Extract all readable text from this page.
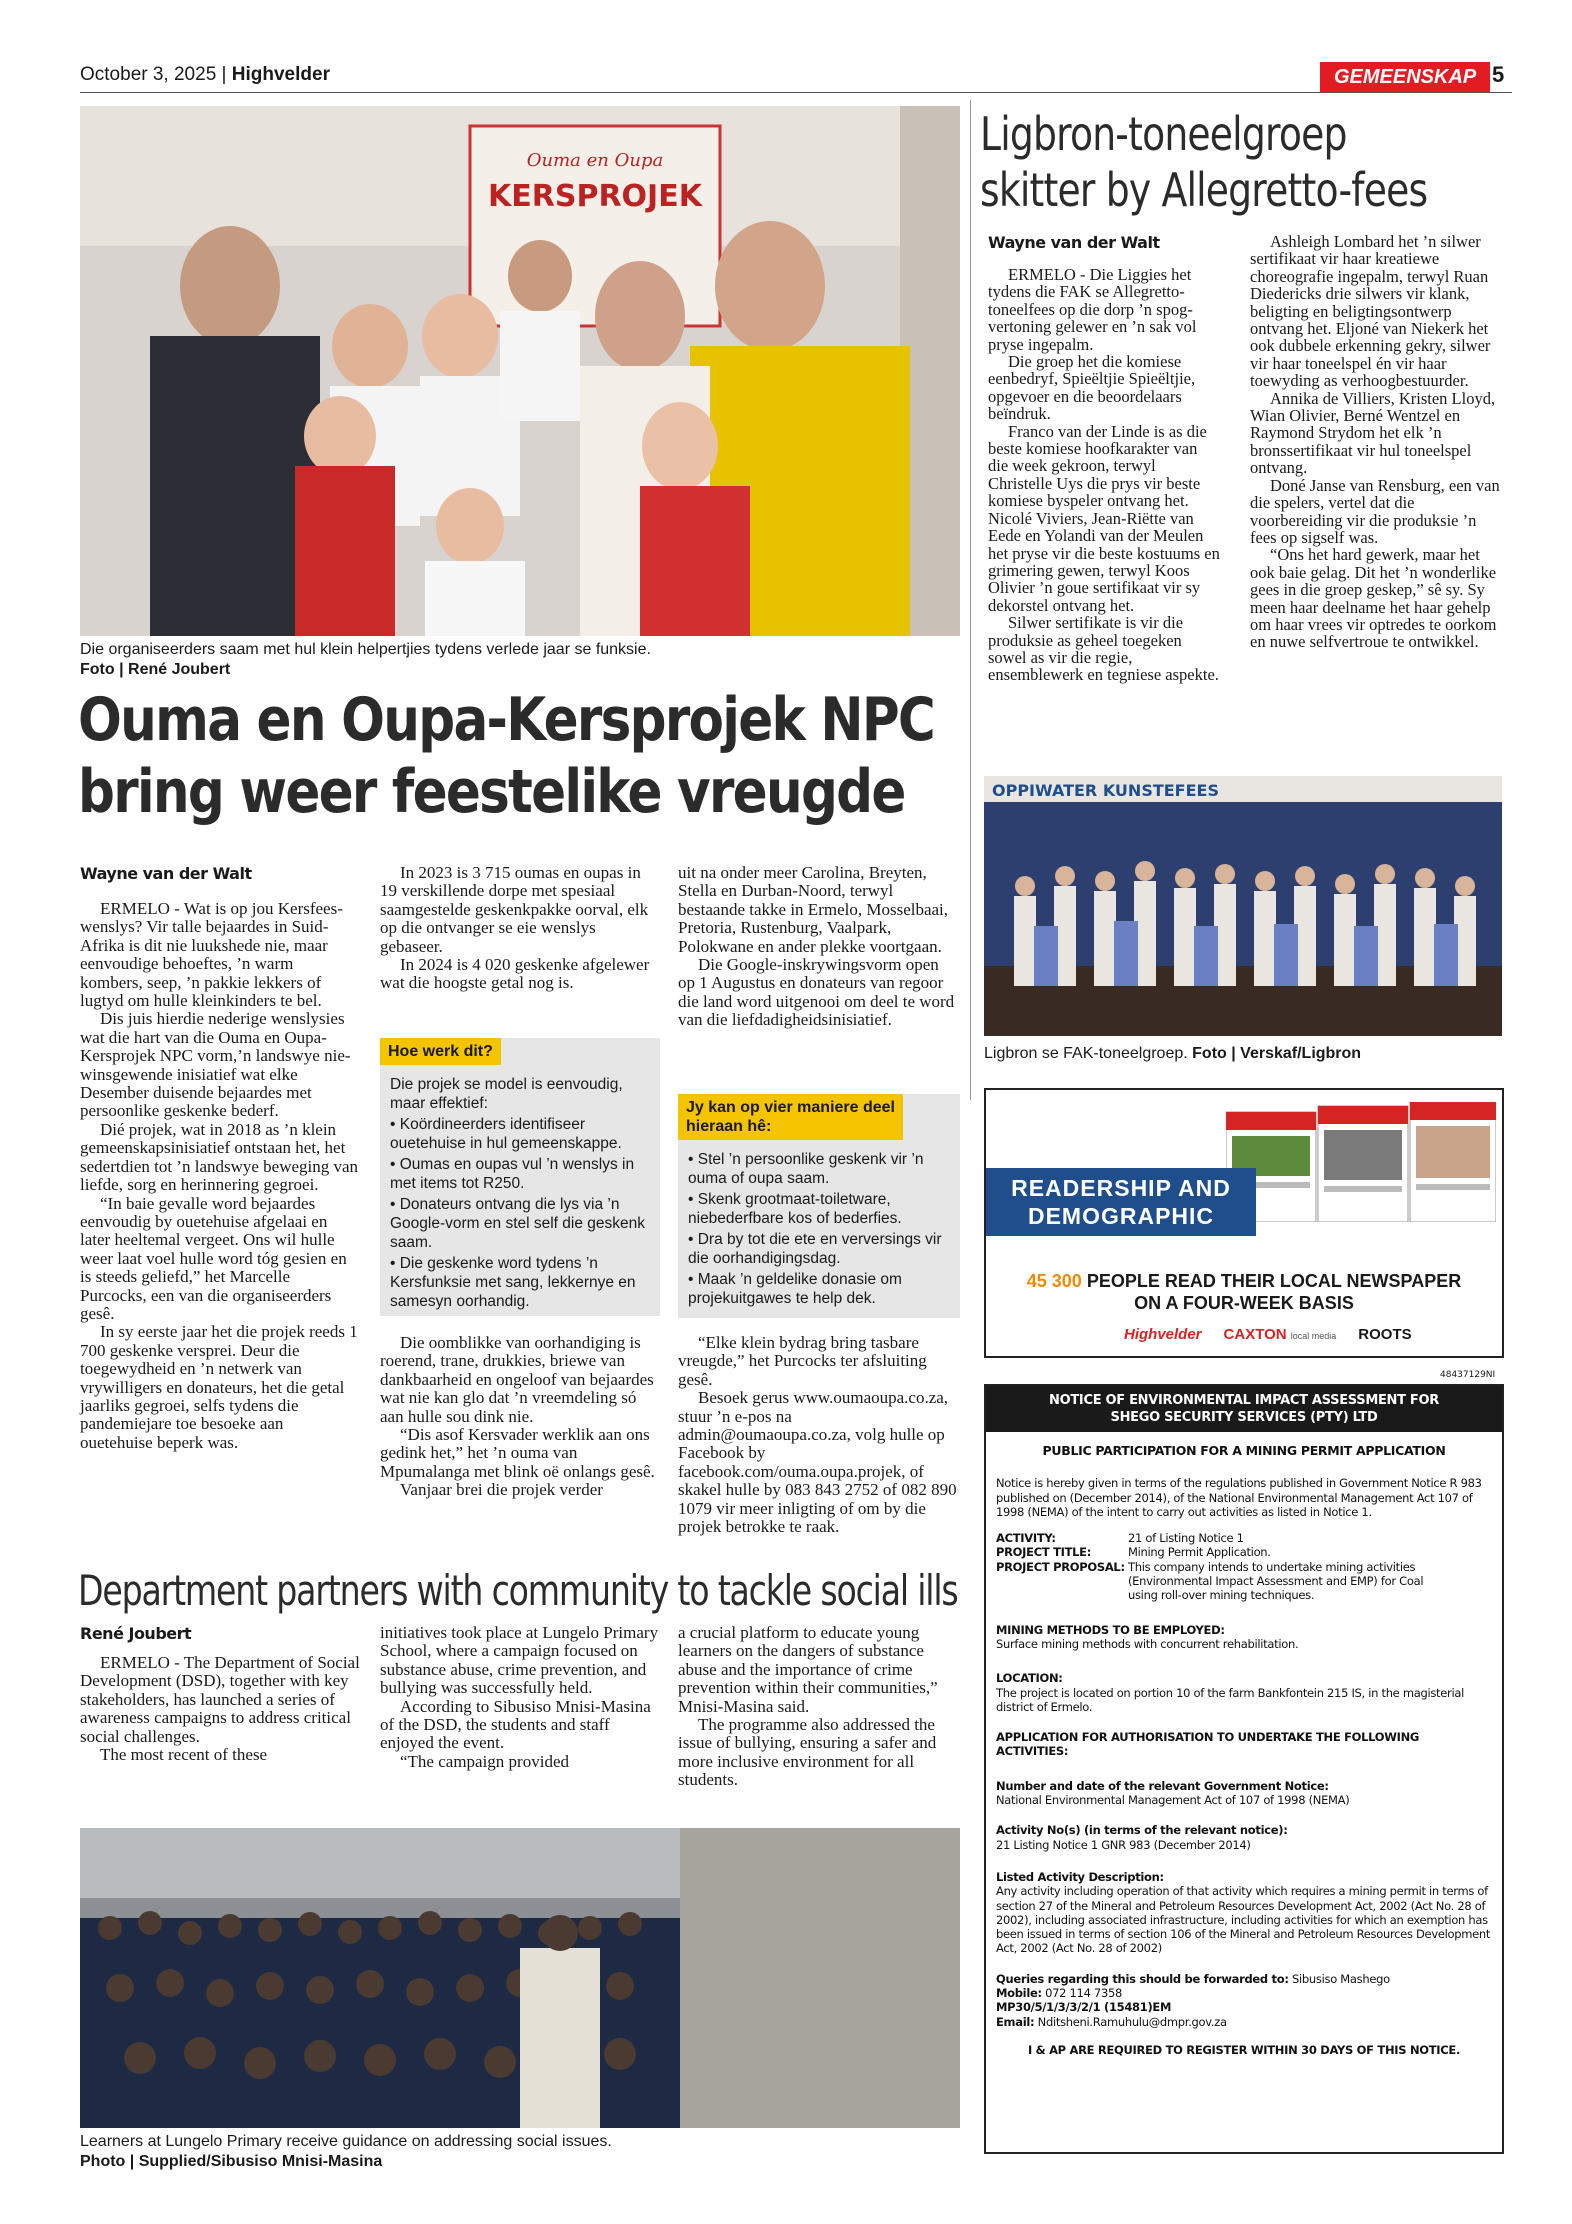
October 3, 2025 | Highvelder	GEMEENSKAP 5
Ouma en Oupa
KERSPROJEK
Die organiseerders saam met hul klein helpertjies tydens verlede jaar se funksie.
Foto | René Joubert
Ouma en Oupa-Kersprojek NPC
bring weer feestelike vreugde
Wayne van der Walt

ERMELO - Wat is op jou Kersfees-wenslys? Vir talle bejaardes in Suid-Afrika is dit nie luukshede nie, maar eenvoudige behoeftes, ’n warm kombers, seep, ’n pakkie lekkers of lugtyd om hulle kleinkinders te bel.

Dis juis hierdie nederige wenslysies wat die hart van die Ouma en Oupa-Kersprojek NPC vorm,’n landswye nie-winsgewende inisiatief wat elke Desember duisende bejaardes met persoonlike geskenke bederf.

Dié projek, wat in 2018 as ’n klein gemeenskapsinisiatief ontstaan het, het sedertdien tot ’n landswye beweging van liefde, sorg en herinnering gegroei.

“In baie gevalle word bejaardes eenvoudig by ouetehuise afgelaai en later heeltemal vergeet. Ons wil hulle weer laat voel hulle word tóg gesien en is steeds geliefd,” het Marcelle Purcocks, een van die organiseerders gesê.

In sy eerste jaar het die projek reeds 1 700 geskenke versprei. Deur die toegewydheid en ’n netwerk van vrywilligers en donateurs, het die getal jaarliks gegroei, selfs tydens die pandemiejare toe besoeke aan ouetehuise beperk was.

In 2023 is 3 715 oumas en oupas in 19 verskillende dorpe met spesiaal saamgestelde geskenkpakke oorval, elk op die ontvanger se eie wenslys gebaseer.

In 2024 is 4 020 geskenke afgelewer wat die hoogste getal nog is.

Hoe werk dit?

Die projek se model is eenvoudig, maar effektief:

• Koördineerders identifiseer ouetehuise in hul gemeenskappe.

• Oumas en oupas vul ’n wenslys in met items tot R250.

• Donateurs ontvang die lys via ’n Google-vorm en stel self die geskenk saam.

• Die geskenke word tydens ’n Kersfunksie met sang, lekkernye en samesyn oorhandig.

Die oomblikke van oorhandiging is roerend, trane, drukkies, briewe van dankbaarheid en ongeloof van bejaardes wat nie kan glo dat ’n vreemdeling só aan hulle sou dink nie.

“Dis asof Kersvader werklik aan ons gedink het,” het ’n ouma van Mpumalanga met blink oë onlangs gesê.

Vanjaar brei die projek verder

uit na onder meer Carolina, Breyten, Stella en Durban-Noord, terwyl bestaande takke in Ermelo, Mosselbaai, Pretoria, Rustenburg, Vaalpark, Polokwane en ander plekke voortgaan.

Die Google-inskrywingsvorm open op 1 Augustus en donateurs van regoor die land word uitgenooi om deel te word van die liefdadigheidsinisiatief.

Jy kan op vier maniere deel
hieraan hê:

• Stel ’n persoonlike geskenk vir ’n ouma of oupa saam.

• Skenk grootmaat-toiletware, niebederfbare kos of bederfies.

• Dra by tot die ete en verversings vir die oorhandigingsdag.

• Maak ’n geldelike donasie om projekuitgawes te help dek.

“Elke klein bydrag bring tasbare vreugde,” het Purcocks ter afsluiting gesê.

Besoek gerus www.oumaoupa.co.za, stuur ’n e-pos na admin@oumaoupa.co.za, volg hulle op Facebook by facebook.com/ouma.oupa.projek, of skakel hulle by 083 843 2752 of 082 890 1079 vir meer inligting of om by die projek betrokke te raak.

Ligbron-toneelgroep
skitter by Allegretto-fees
Wayne van der Walt

ERMELO - Die Liggies het tydens die FAK se Allegretto-toneelfees op die dorp ’n spog-vertoning gelewer en ’n sak vol pryse ingepalm.

Die groep het die komiese eenbedryf, Spieëltjie Spieëltjie, opgevoer en die beoordelaars beïndruk.

Franco van der Linde is as die beste komiese hoofkarakter van die week gekroon, terwyl Christelle Uys die prys vir beste komiese byspeler ontvang het. Nicolé Viviers, Jean-Riëtte van Eede en Yolandi van der Meulen het pryse vir die beste kostuums en grimering gewen, terwyl Koos Olivier ’n goue sertifikaat vir sy dekorstel ontvang het.

Silwer sertifikate is vir die produksie as geheel toegeken sowel as vir die regie, ensemblewerk en tegniese aspekte.

Ashleigh Lombard het ’n silwer sertifikaat vir haar kreatiewe choreografie ingepalm, terwyl Ruan Diedericks drie silwers vir klank, beligting en beligtingsontwerp ontvang het. Eljoné van Niekerk het ook dubbele erkenning gekry, silwer vir haar toneelspel én vir haar toewyding as verhoogbestuurder.

Annika de Villiers, Kristen Lloyd, Wian Olivier, Berné Wentzel en Raymond Strydom het elk ’n bronssertifikaat vir hul toneelspel ontvang.

Doné Janse van Rensburg, een van die spelers, vertel dat die voorbereiding vir die produksie ’n fees op sigself was.

“Ons het hard gewerk, maar het ook baie gelag. Dit het ’n wonderlike gees in die groep geskep,” sê sy. Sy meen haar deelname het haar gehelp om haar vrees vir optredes te oorkom en nuwe selfvertroue te ontwikkel.

OPPIWATER KUNSTEFEES
Ligbron se FAK-toneelgroep. Foto | Verskaf/Ligbron
READERSHIP AND
DEMOGRAPHIC
45 300 PEOPLE READ THEIR LOCAL NEWSPAPER
ON A FOUR-WEEK BASIS
Highvelder CAXTON local media ROOTS
48437129NI
NOTICE OF ENVIRONMENTAL IMPACT ASSESSMENT FOR
SHEGO SECURITY SERVICES (PTY) LTD
PUBLIC PARTICIPATION FOR A MINING PERMIT APPLICATION
Notice is hereby given in terms of the regulations published in Government Notice R 983 published on (December 2014), of the National Environmental Management Act 107 of 1998 (NEMA) of the intent to carry out activities as listed in Notice 1.
ACTIVITY:	21 of Listing Notice 1
PROJECT TITLE:	Mining Permit Application.
PROJECT PROPOSAL: This company intends to undertake mining activities (Environmental Impact Assessment and EMP) for Coal using roll-over mining techniques.
MINING METHODS TO BE EMPLOYED:
Surface mining methods with concurrent rehabilitation.
LOCATION:
The project is located on portion 10 of the farm Bankfontein 215 IS, in the magisterial district of Ermelo.
APPLICATION FOR AUTHORISATION TO UNDERTAKE THE FOLLOWING ACTIVITIES:
Number and date of the relevant Government Notice:
National Environmental Management Act of 107 of 1998 (NEMA)
Activity No(s) (in terms of the relevant notice):
21 Listing Notice 1 GNR 983 (December 2014)
Listed Activity Description:
Any activity including operation of that activity which requires a mining permit in terms of section 27 of the Mineral and Petroleum Resources Development Act, 2002 (Act No. 28 of 2002), including associated infrastructure, including activities for which an exemption has been issued in terms of section 106 of the Mineral and Petroleum Resources Development Act, 2002 (Act No. 28 of 2002)
Queries regarding this should be forwarded to: Sibusiso Mashego
Mobile: 072 114 7358
MP30/5/1/3/3/2/1 (15481)EM
Email: Nditsheni.Ramuhulu@dmpr.gov.za
I & AP ARE REQUIRED TO REGISTER WITHIN 30 DAYS OF THIS NOTICE.
Department partners with community to tackle social ills
René Joubert

ERMELO - The Department of Social Development (DSD), together with key stakeholders, has launched a series of awareness campaigns to address critical social challenges.

The most recent of these

initiatives took place at Lungelo Primary School, where a campaign focused on substance abuse, crime prevention, and bullying was successfully held.

According to Sibusiso Mnisi-Masina of the DSD, the students and staff enjoyed the event.

“The campaign provided

a crucial platform to educate young learners on the dangers of substance abuse and the importance of crime prevention within their communities,” Mnisi-Masina said.

The programme also addressed the issue of bullying, ensuring a safer and more inclusive environment for all students.

Learners at Lungelo Primary receive guidance on addressing social issues.
Photo | Supplied/Sibusiso Mnisi-Masina
